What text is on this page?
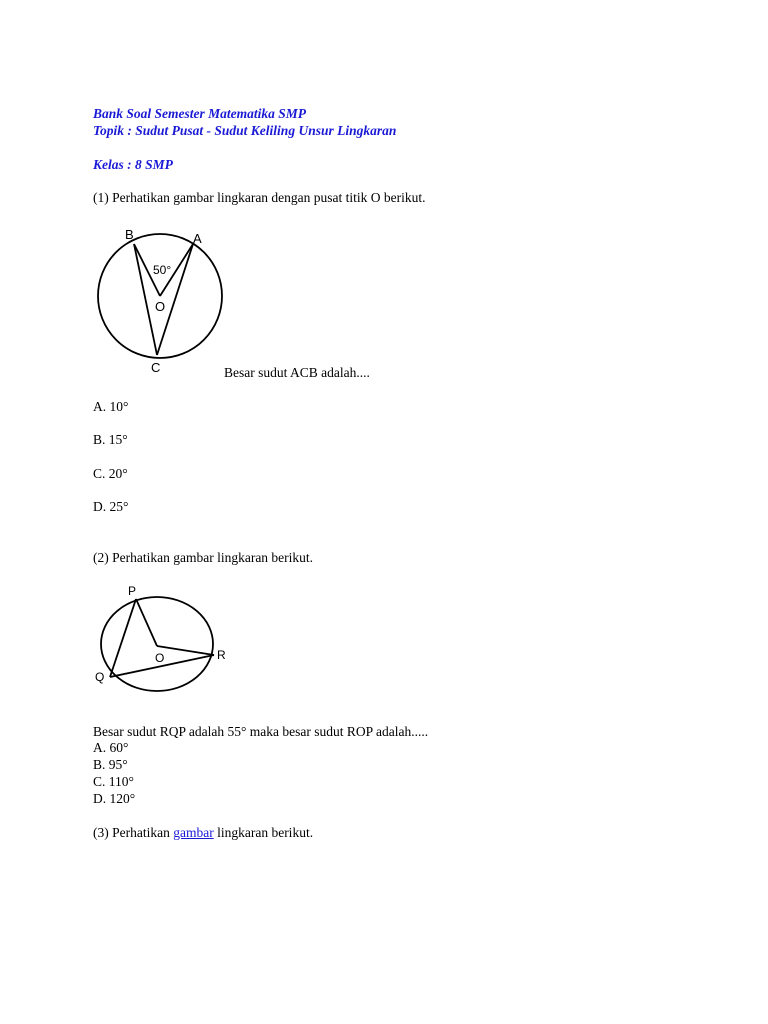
Bank Soal Semester Matematika SMP
Topik : Sudut Pusat - Sudut Keliling Unsur Lingkaran
Kelas : 8 SMP
(1) Perhatikan gambar lingkaran dengan pusat titik O berikut.
B	A
50°
O
C	Besar sudut ACB adalah....
A. 10°
B. 15°
C. 20°
D. 25°
(2) Perhatikan gambar lingkaran berikut.
P
O	R
Q
Besar sudut RQP adalah 55° maka besar sudut ROP adalah.....
A. 60°
B. 95°
C. 110°
D. 120°
(3) Perhatikan gambar lingkaran berikut.
